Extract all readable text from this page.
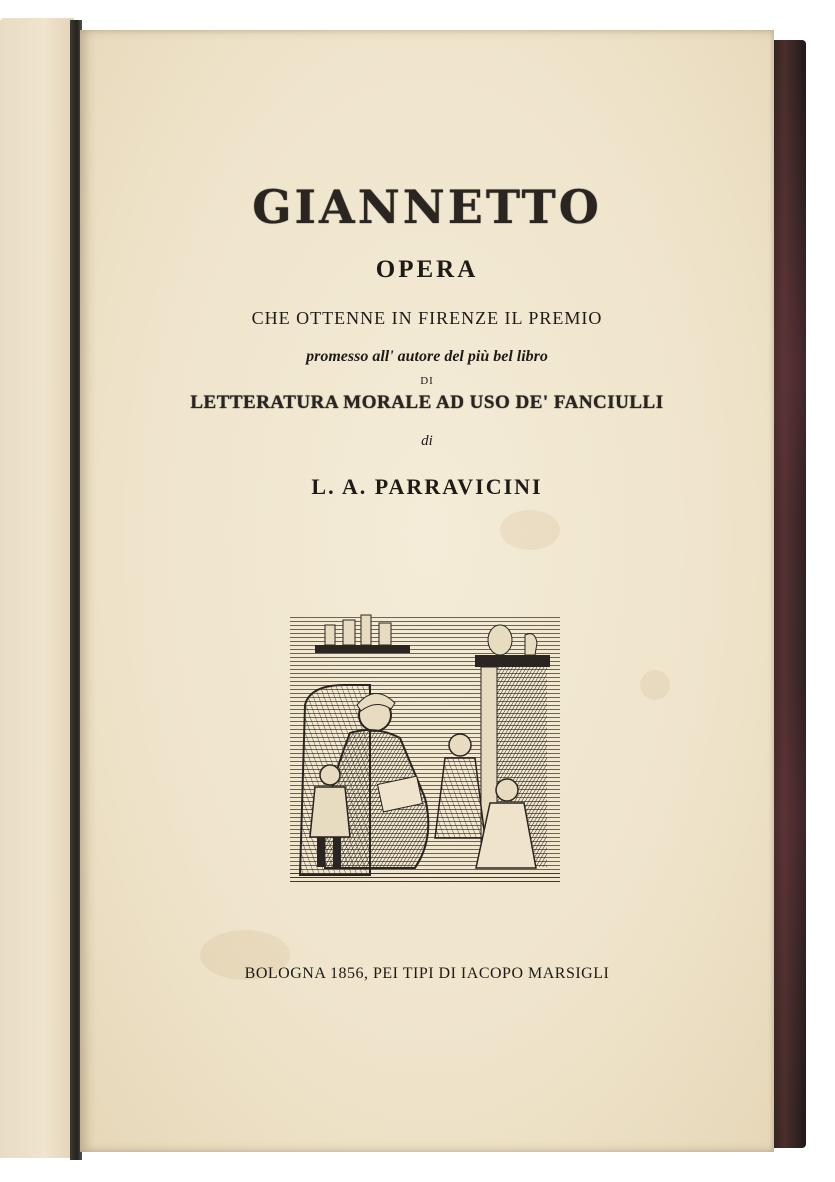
GIANNETTO
OPERA
CHE OTTENNE IN FIRENZE IL PREMIO
promesso all' autore del più bel libro
DI
LETTERATURA MORALE AD USO DE' FANCIULLI
di
L. A. PARRAVICINI
BOLOGNA 1856, PEI TIPI DI IACOPO MARSIGLI
